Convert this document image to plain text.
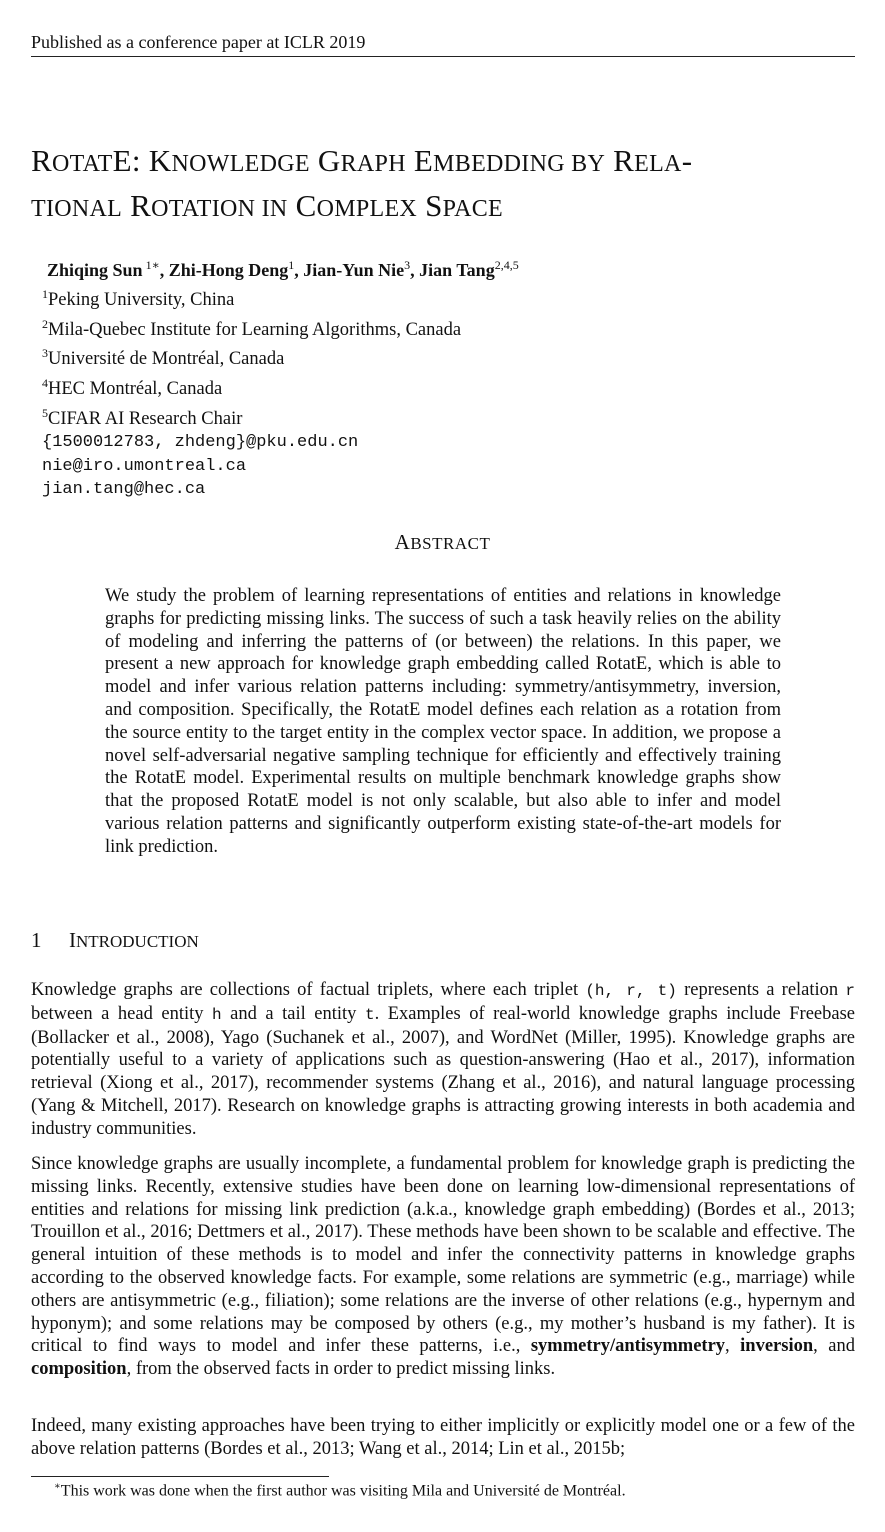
Published as a conference paper at ICLR 2019
ROTATE: KNOWLEDGE GRAPH EMBEDDING BY RELA-
TIONAL ROTATION IN COMPLEX SPACE
Zhiqing Sun $^{1∗}$, Zhi-Hong Deng$^1$, Jian-Yun Nie$^3$, Jian Tang$^{2,4,5}$
$^1$Peking University, China
$^2$Mila-Quebec Institute for Learning Algorithms, Canada
$^3$Université de Montréal, Canada
$^4$HEC Montréal, Canada
$^5$CIFAR AI Research Chair
{1500012783, zhdeng}@pku.edu.cn
nie@iro.umontreal.ca
jian.tang@hec.ca
ABSTRACT
We study the problem of learning representations of entities and relations in knowledge graphs for predicting missing links. The success of such a task heavily relies on the ability of modeling and inferring the patterns of (or between) the relations. In this paper, we present a new approach for knowledge graph embedding called RotatE, which is able to model and infer various relation patterns including: symmetry/antisymmetry, inversion, and composition. Specifically, the RotatE model defines each relation as a rotation from the source entity to the target entity in the complex vector space. In addition, we propose a novel self-adversarial negative sampling technique for efficiently and effectively training the RotatE model. Experimental results on multiple benchmark knowledge graphs show that the proposed RotatE model is not only scalable, but also able to infer and model various relation patterns and significantly outperform existing state-of-the-art models for link prediction.
1 INTRODUCTION
Knowledge graphs are collections of factual triplets, where each triplet (h, r, t) represents a relation r between a head entity h and a tail entity t. Examples of real-world knowledge graphs include Freebase (Bollacker et al., 2008), Yago (Suchanek et al., 2007), and WordNet (Miller, 1995). Knowledge graphs are potentially useful to a variety of applications such as question-answering (Hao et al., 2017), information retrieval (Xiong et al., 2017), recommender systems (Zhang et al., 2016), and natural language processing (Yang & Mitchell, 2017). Research on knowledge graphs is attracting growing interests in both academia and industry communities.
Since knowledge graphs are usually incomplete, a fundamental problem for knowledge graph is predicting the missing links. Recently, extensive studies have been done on learning low-dimensional representations of entities and relations for missing link prediction (a.k.a., knowledge graph embedding) (Bordes et al., 2013; Trouillon et al., 2016; Dettmers et al., 2017). These methods have been shown to be scalable and effective. The general intuition of these methods is to model and infer the connectivity patterns in knowledge graphs according to the observed knowledge facts. For example, some relations are symmetric (e.g., marriage) while others are antisymmetric (e.g., filiation); some relations are the inverse of other relations (e.g., hypernym and hyponym); and some relations may be composed by others (e.g., my mother’s husband is my father). It is critical to find ways to model and infer these patterns, i.e., symmetry/antisymmetry, inversion, and composition, from the observed facts in order to predict missing links.
Indeed, many existing approaches have been trying to either implicitly or explicitly model one or a few of the above relation patterns (Bordes et al., 2013; Wang et al., 2014; Lin et al., 2015b;
∗This work was done when the first author was visiting Mila and Université de Montréal.
